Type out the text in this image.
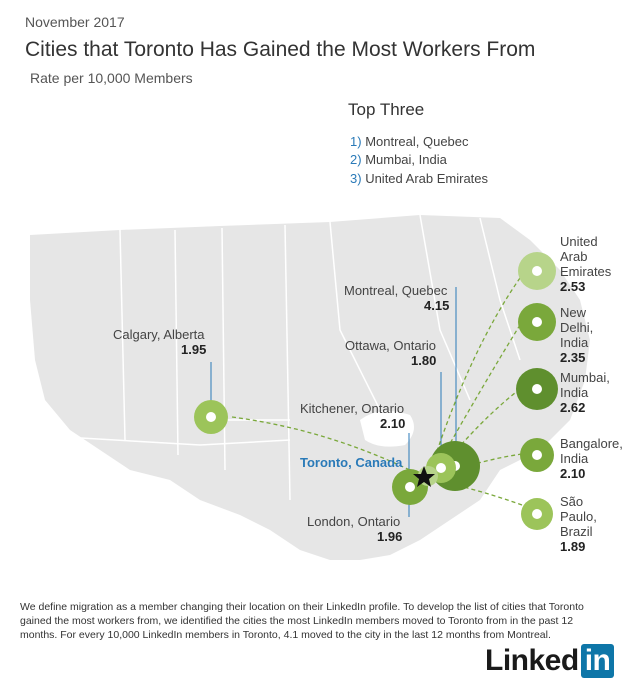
November 2017
Cities that Toronto Has Gained the Most Workers From
Rate per 10,000 Members
Top Three
1) Montreal, Quebec
2) Mumbai, India
3) United Arab Emirates
Calgary, Alberta
1.95	Ottawa, Ontario
1.80
Montreal, Quebec
4.15
Kitchener, Ontario
2.10
London, Ontario
1.96
Toronto, Canada
United Arab Emirates
2.53
New Delhi, India
2.35
Mumbai, India
2.62
Bangalore, India
2.10
São Paulo, Brazil
1.89
We define migration as a member changing their location on their LinkedIn profile. To develop the list of cities that Toronto gained the most workers from, we identified the cities the most LinkedIn members moved to Toronto from in the past 12 months. For every 10,000 LinkedIn members in Toronto, 4.1 moved to the city in the last 12 months from Montreal.
Linked in
